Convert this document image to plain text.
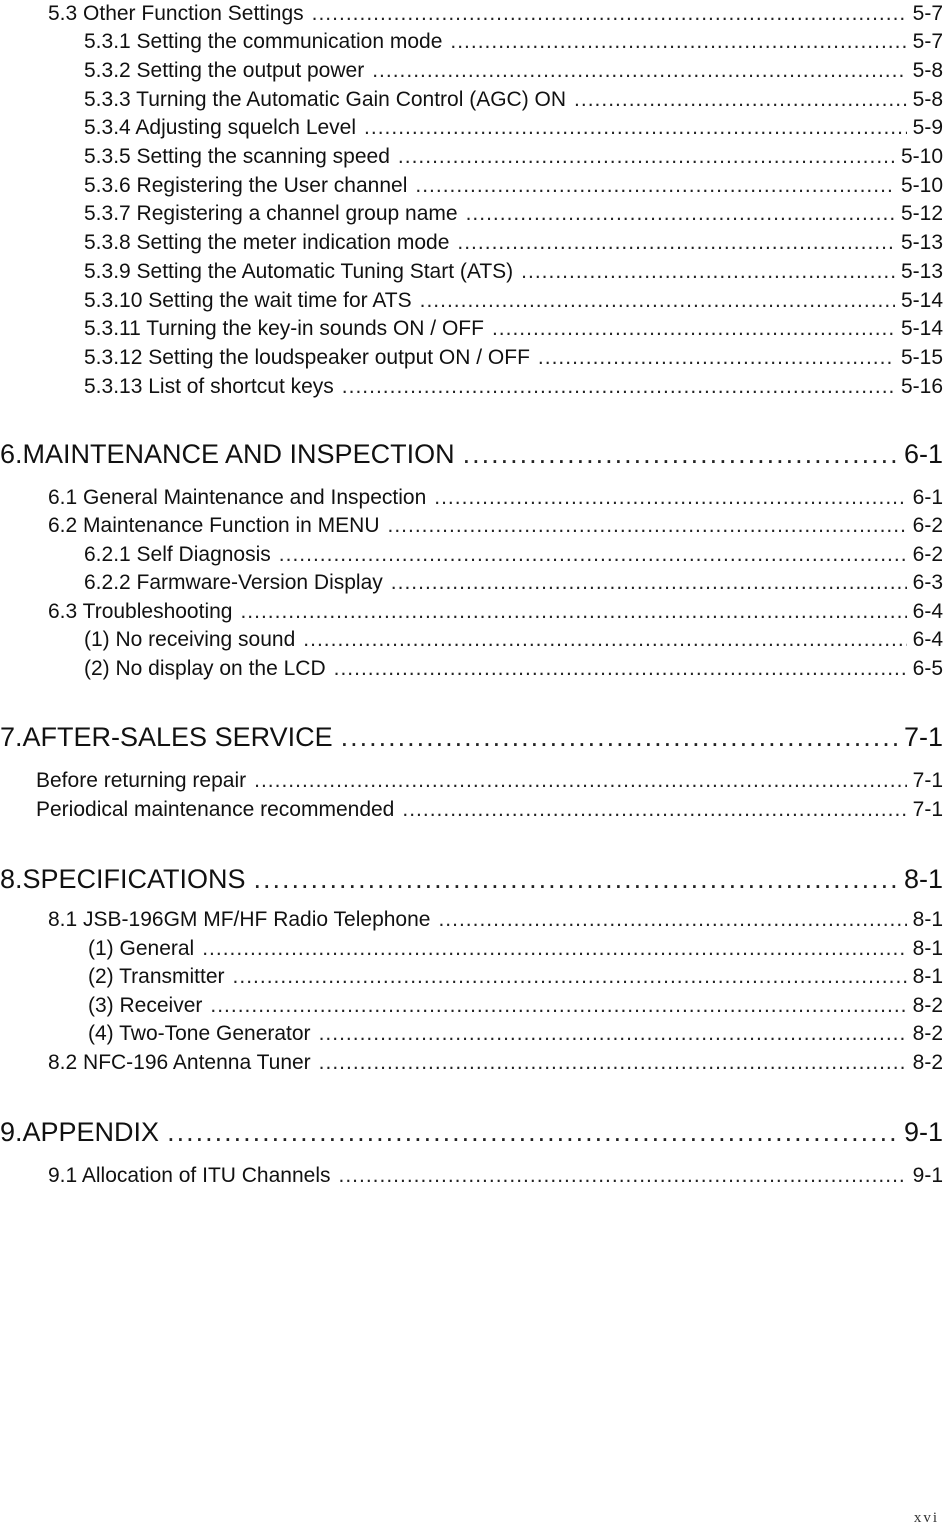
5.3 Other Function Settings .....	5-7
5.3.1 Setting the communication mode .....	5-7
5.3.2 Setting the output power .....	5-8
5.3.3 Turning the Automatic Gain Control (AGC) ON .....	5-8
5.3.4 Adjusting squelch Level .....	5-9
5.3.5 Setting the scanning speed .....	5-10
5.3.6 Registering the User channel .....	5-10
5.3.7 Registering a channel group name .....	5-12
5.3.8 Setting the meter indication mode .....	5-13
5.3.9 Setting the Automatic Tuning Start (ATS) .....	5-13
5.3.10 Setting the wait time for ATS .....	5-14
5.3.11 Turning the key-in sounds ON / OFF .....	5-14
5.3.12 Setting the loudspeaker output ON / OFF .....	5-15
5.3.13 List of shortcut keys .....	5-16
6.MAINTENANCE AND INSPECTION .....	6-1
6.1 General Maintenance and Inspection .....	6-1
6.2 Maintenance Function in MENU .....	6-2
6.2.1 Self Diagnosis .....	6-2
6.2.2 Farmware-Version Display .....	6-3
6.3 Troubleshooting .....	6-4
(1) No receiving sound .....	6-4
(2) No display on the LCD .....	6-5
7.AFTER-SALES SERVICE .....	7-1
Before returning repair .....	7-1
Periodical maintenance recommended .....	7-1
8.SPECIFICATIONS .....	8-1
8.1 JSB-196GM MF/HF Radio Telephone .....	8-1
(1) General .....	8-1
(2) Transmitter .....	8-1
(3) Receiver .....	8-2
(4) Two-Tone Generator .....	8-2
8.2 NFC-196 Antenna Tuner .....	8-2
9.APPENDIX .....	9-1
9.1 Allocation of ITU Channels .....	9-1
xvi
